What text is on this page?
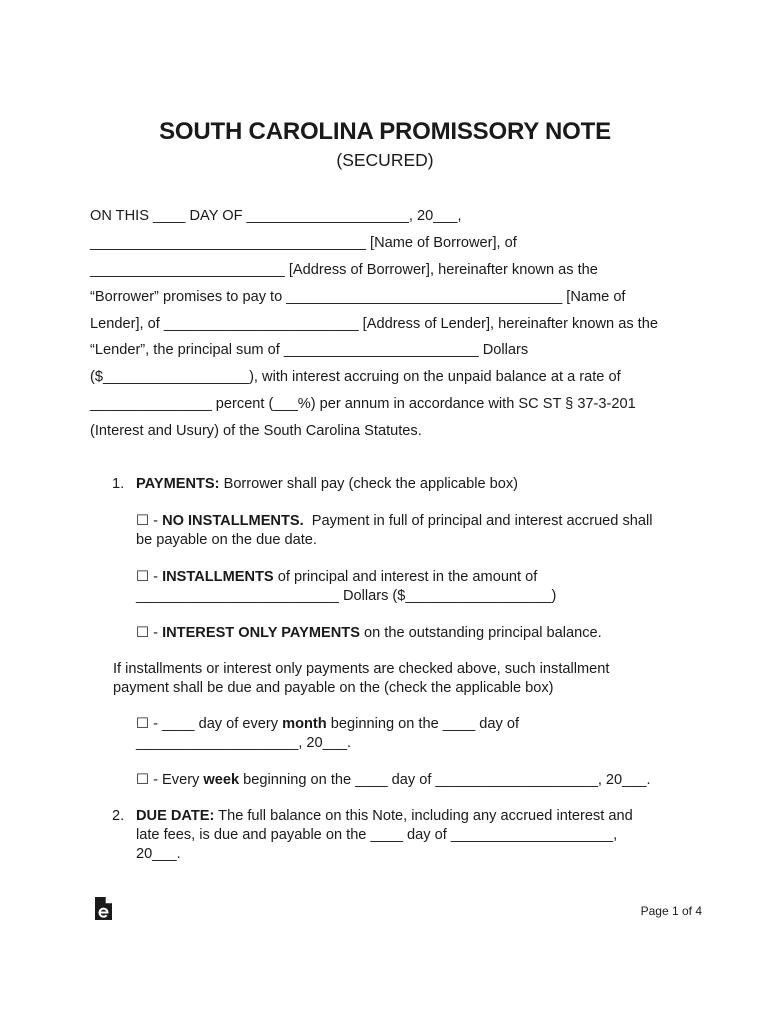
SOUTH CAROLINA PROMISSORY NOTE
(SECURED)
ON THIS ____ DAY OF ____________________, 20___,
__________________________________ [Name of Borrower], of
________________________ [Address of Borrower], hereinafter known as the
“Borrower” promises to pay to __________________________________ [Name of
Lender], of ________________________ [Address of Lender], hereinafter known as the
“Lender”, the principal sum of ________________________ Dollars
($__________________), with interest accruing on the unpaid balance at a rate of
_______________ percent (___%) per annum in accordance with SC ST § 37-3-201
(Interest and Usury) of the South Carolina Statutes.
1. PAYMENTS: Borrower shall pay (check the applicable box)
☐ - NO INSTALLMENTS.  Payment in full of principal and interest accrued shall
be payable on the due date.
☐ - INSTALLMENTS of principal and interest in the amount of
_________________________ Dollars ($__________________)
☐ - INTEREST ONLY PAYMENTS on the outstanding principal balance.
If installments or interest only payments are checked above, such installment
payment shall be due and payable on the (check the applicable box)
☐ - ____ day of every month beginning on the ____ day of
____________________, 20___.
☐ - Every week beginning on the ____ day of ____________________, 20___.
2. DUE DATE: The full balance on this Note, including any accrued interest and
late fees, is due and payable on the ____ day of ____________________,
20___.
Page 1 of 4
